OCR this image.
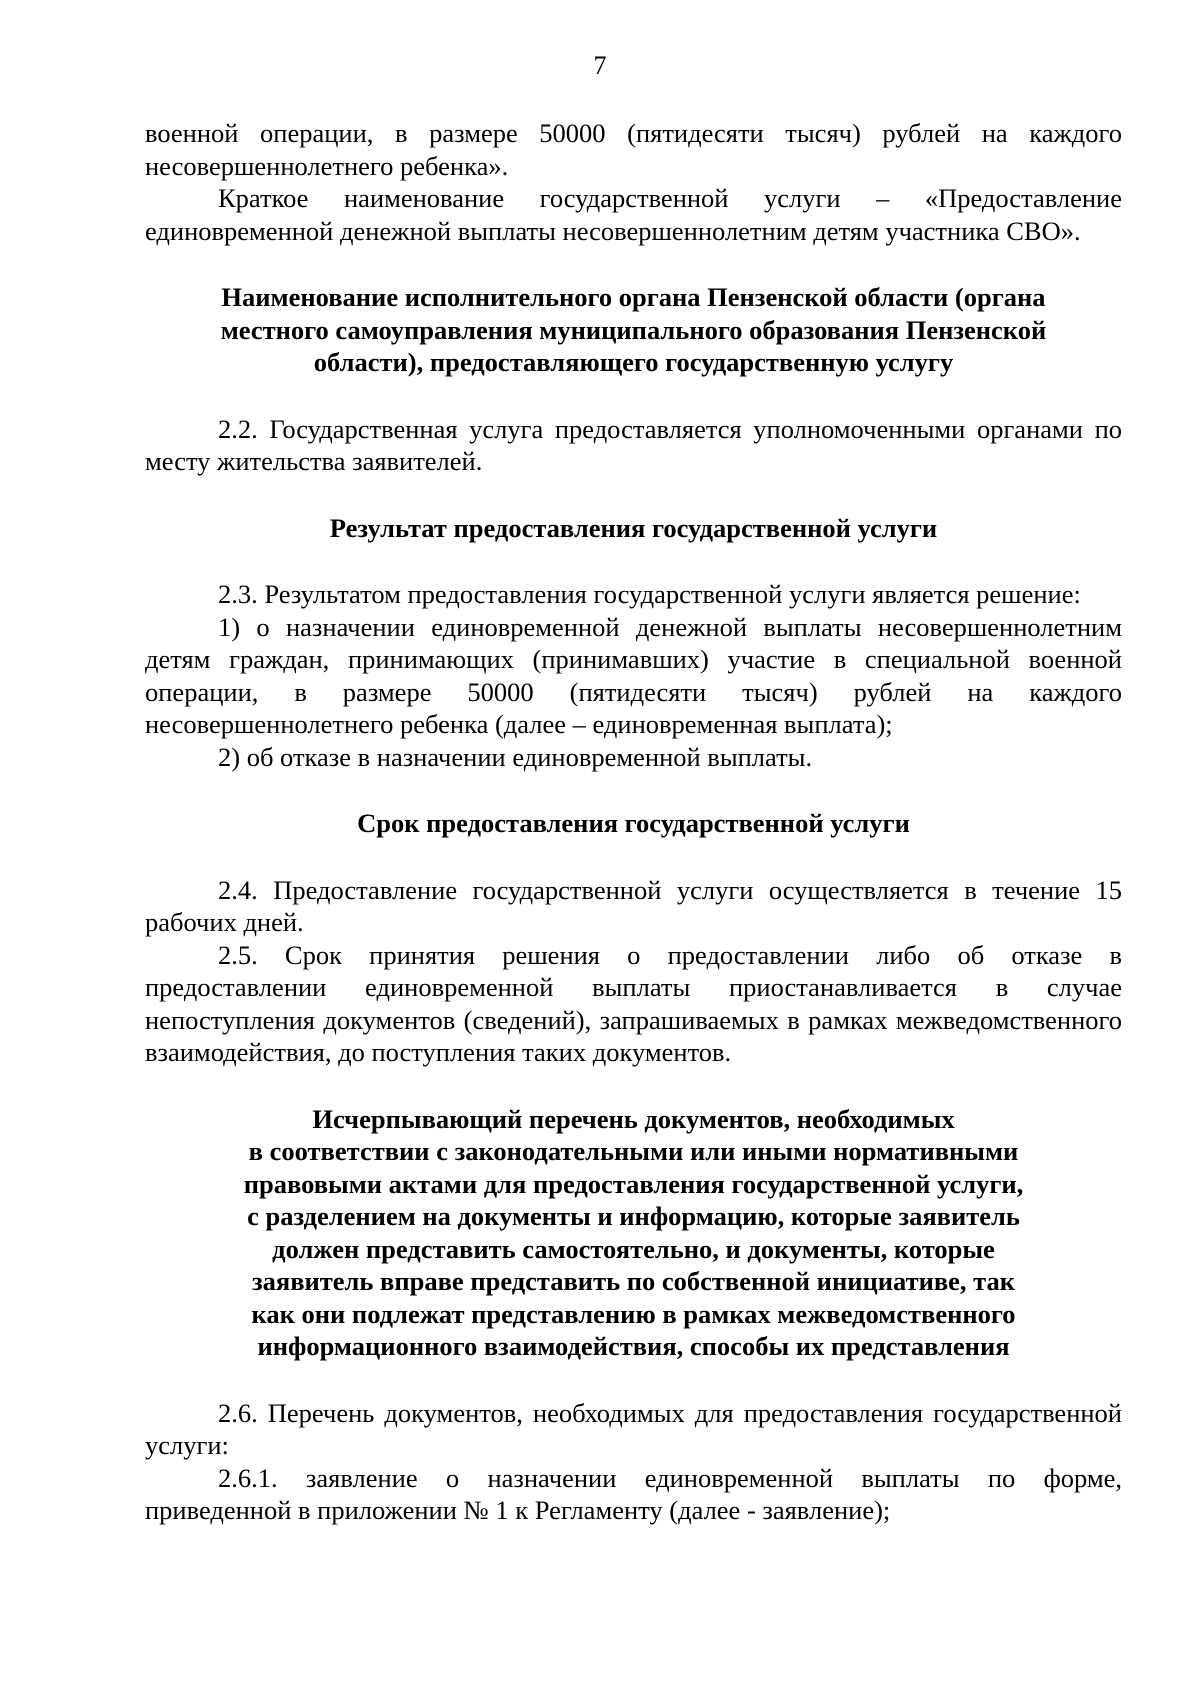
7

военной операции, в размере 50000 (пятидесяти тысяч) рублей на каждого несовершеннолетнего ребенка».

Краткое наименование государственной услуги – «Предоставление единовременной денежной выплаты несовершеннолетним детям участника СВО».

Наименование исполнительного органа Пензенской области (органа
местного самоуправления муниципального образования Пензенской
области), предоставляющего государственную услугу

2.2. Государственная услуга предоставляется уполномоченными органами по месту жительства заявителей.

Результат предоставления государственной услуги

2.3. Результатом предоставления государственной услуги является решение:

1) о назначении единовременной денежной выплаты несовершеннолетним детям граждан, принимающих (принимавших) участие в специальной военной операции, в размере 50000 (пятидесяти тысяч) рублей на каждого несовершеннолетнего ребенка (далее – единовременная выплата);

2) об отказе в назначении единовременной выплаты.

Срок предоставления государственной услуги

2.4. Предоставление государственной услуги осуществляется в течение 15 рабочих дней.

2.5. Срок принятия решения о предоставлении либо об отказе в предоставлении единовременной выплаты приостанавливается в случае непоступления документов (сведений), запрашиваемых в рамках межведомственного взаимодействия, до поступления таких документов.

Исчерпывающий перечень документов, необходимых
в соответствии с законодательными или иными нормативными
правовыми актами для предоставления государственной услуги,
с разделением на документы и информацию, которые заявитель
должен представить самостоятельно, и документы, которые
заявитель вправе представить по собственной инициативе, так
как они подлежат представлению в рамках межведомственного
информационного взаимодействия, способы их представления

2.6. Перечень документов, необходимых для предоставления государственной услуги:

2.6.1. заявление о назначении единовременной выплаты по форме, приведенной в приложении № 1 к Регламенту (далее - заявление);
